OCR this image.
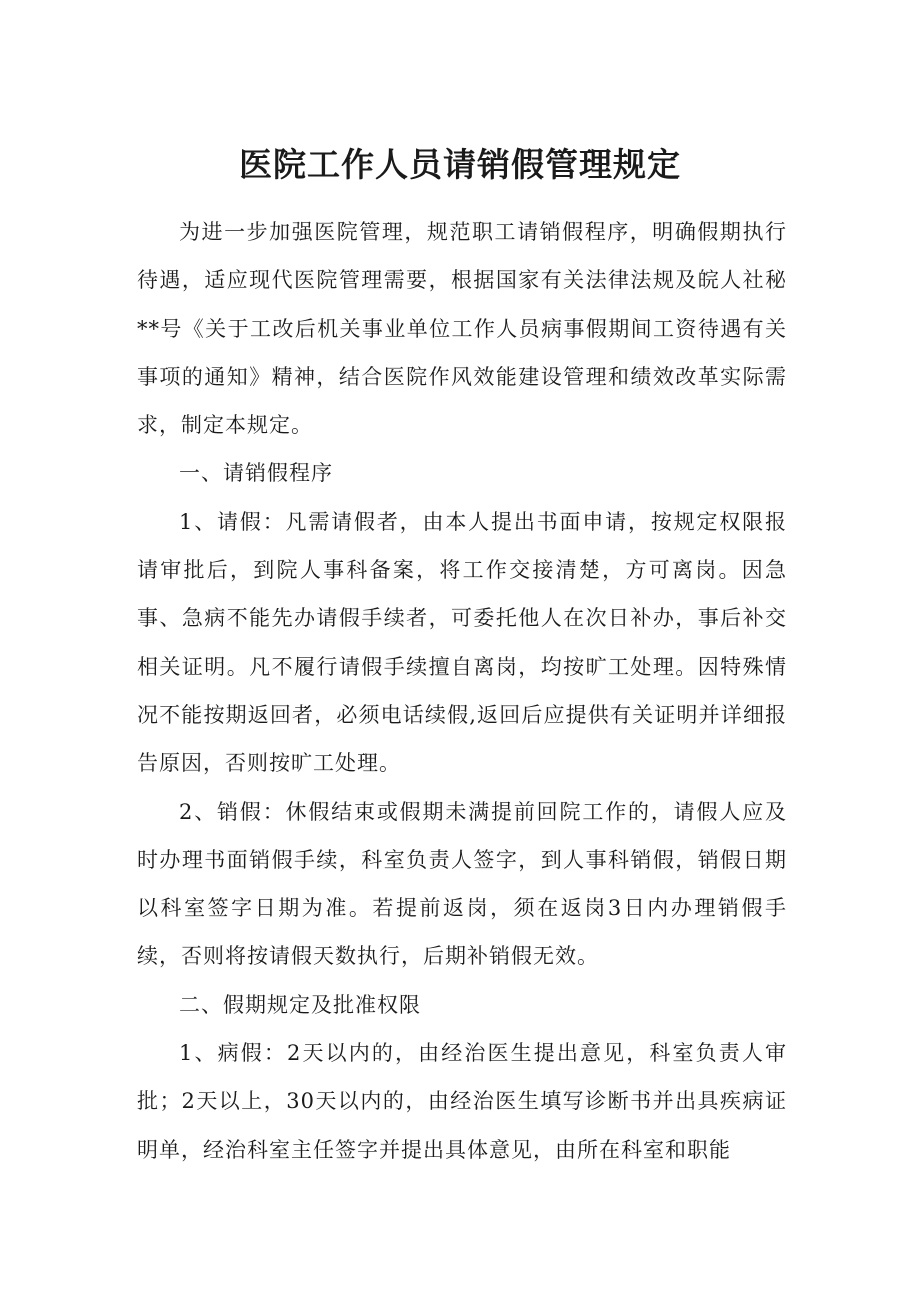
医院工作人员请销假管理规定

为进一步加强医院管理，规范职工请销假程序，明确假期执行待遇，适应现代医院管理需要，根据国家有关法律法规及皖人社秘**号《关于工改后机关事业单位工作人员病事假期间工资待遇有关事项的通知》精神，结合医院作风效能建设管理和绩效改革实际需求，制定本规定。

一、请销假程序

1、请假：凡需请假者，由本人提出书面申请，按规定权限报请审批后，到院人事科备案，将工作交接清楚，方可离岗。因急事、急病不能先办请假手续者，可委托他人在次日补办，事后补交相关证明。凡不履行请假手续擅自离岗，均按旷工处理。因特殊情况不能按期返回者，必须电话续假,返回后应提供有关证明并详细报告原因，否则按旷工处理。

2、销假：休假结束或假期未满提前回院工作的，请假人应及时办理书面销假手续，科室负责人签字，到人事科销假，销假日期以科室签字日期为准。若提前返岗，须在返岗3日内办理销假手续，否则将按请假天数执行，后期补销假无效。

二、假期规定及批准权限

1、病假：2天以内的，由经治医生提出意见，科室负责人审批；2天以上，30天以内的，由经治医生填写诊断书并出具疾病证明单，经治科室主任签字并提出具体意见，由所在科室和职能
